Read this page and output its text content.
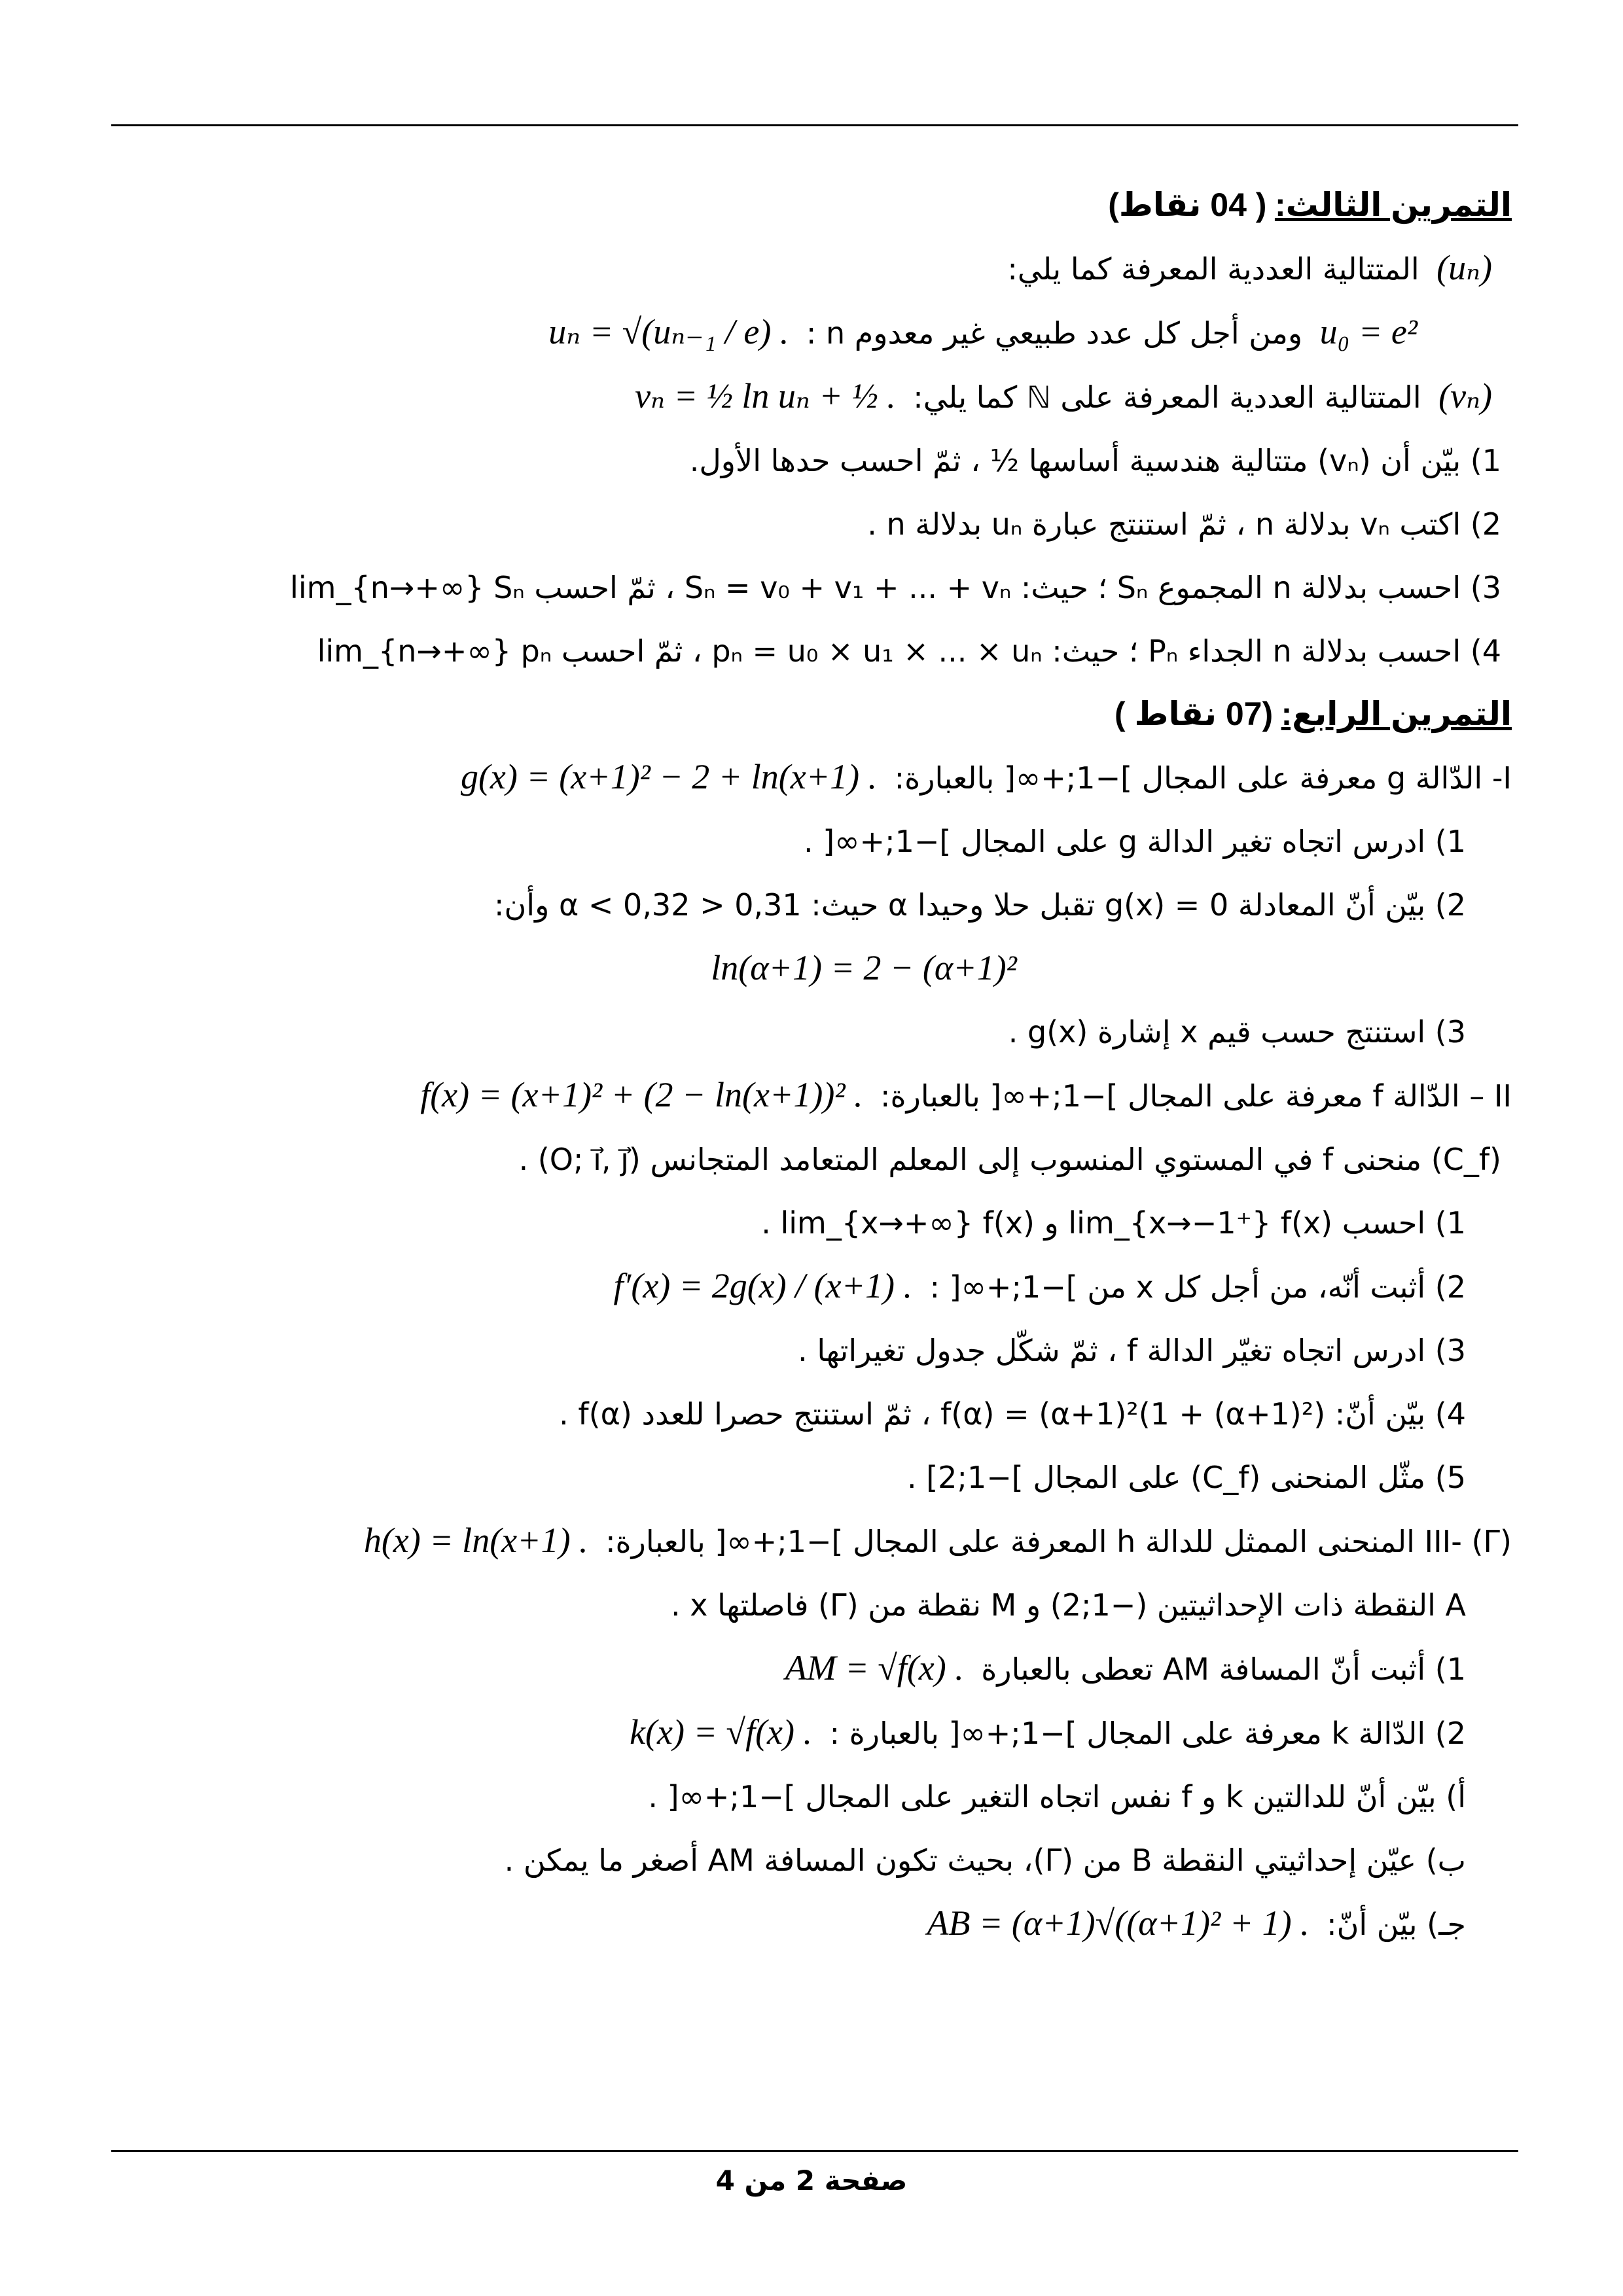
التمرين الثالث: ( 04 نقاط)
(uₙ) المتتالية العددية المعرفة كما يلي:
u₀ = e² ومن أجل كل عدد طبيعي غير معدوم n : uₙ = √(uₙ₋₁ / e) .
(vₙ) المتتالية العددية المعرفة على ℕ كما يلي: vₙ = ½ ln uₙ + ½ .
1) بيّن أن (vₙ) متتالية هندسية أساسها ½ ، ثمّ احسب حدها الأول.
2) اكتب vₙ بدلالة n ، ثمّ استنتج عبارة uₙ بدلالة n .
3) احسب بدلالة n المجموع Sₙ ؛ حيث: Sₙ = v₀ + v₁ + ... + vₙ ، ثمّ احسب lim_{n→+∞} Sₙ
4) احسب بدلالة n الجداء Pₙ ؛ حيث: pₙ = u₀ × u₁ × ... × uₙ ، ثمّ احسب lim_{n→+∞} pₙ
التمرين الرابع: (07 نقاط )
I- الدّالة g معرفة على المجال ]−1;+∞[ بالعبارة: g(x) = (x+1)² − 2 + ln(x+1) .
1) ادرس اتجاه تغير الدالة g على المجال ]−1;+∞[ .
2) بيّن أنّ المعادلة g(x) = 0 تقبل حلا وحيدا α حيث: 0,31 < α < 0,32 وأن:
ln(α+1) = 2 − (α+1)²
3) استنتج حسب قيم x إشارة g(x) .
II – الدّالة f معرفة على المجال ]−1;+∞[ بالعبارة: f(x) = (x+1)² + (2 − ln(x+1))² .
(C_f) منحنى f في المستوي المنسوب إلى المعلم المتعامد المتجانس (O; i⃗, j⃗) .
1) احسب lim_{x→−1⁺} f(x) و lim_{x→+∞} f(x) .
2) أثبت أنّه، من أجل كل x من ]−1;+∞[ : f′(x) = 2g(x) / (x+1) .
3) ادرس اتجاه تغيّر الدالة f ، ثمّ شكّل جدول تغيراتها .
4) بيّن أنّ: f(α) = (α+1)²(1 + (α+1)²) ، ثمّ استنتج حصرا للعدد f(α) .
5) مثّل المنحنى (C_f) على المجال ]−1;2] .
III- (Γ) المنحنى الممثل للدالة h المعرفة على المجال ]−1;+∞[ بالعبارة: h(x) = ln(x+1) .
A النقطة ذات الإحداثيتين (−1;2) و M نقطة من (Γ) فاصلتها x .
1) أثبت أنّ المسافة AM تعطى بالعبارة AM = √f(x) .
2) الدّالة k معرفة على المجال ]−1;+∞[ بالعبارة : k(x) = √f(x) .
أ) بيّن أنّ للدالتين k و f نفس اتجاه التغير على المجال ]−1;+∞[ .
ب) عيّن إحداثيتي النقطة B من (Γ)، بحيث تكون المسافة AM أصغر ما يمكن .
جـ) بيّن أنّ: AB = (α+1)√((α+1)² + 1) .
صفحة 2 من 4
